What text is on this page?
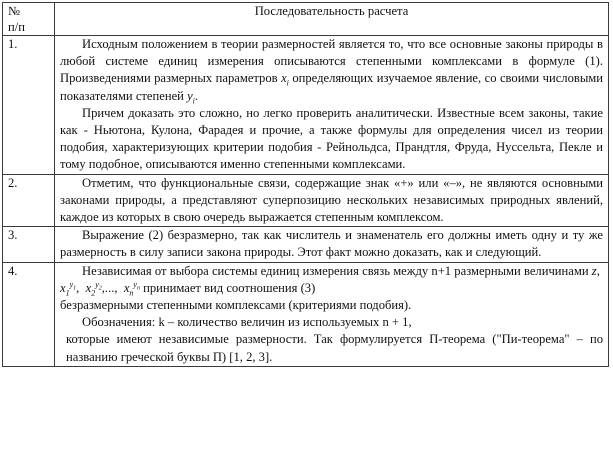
№
п/п	Последовательность расчета
1.	Исходным положением в теории размерностей является то, что все основные законы природы в любой системе единиц измерения описываются степенными комплексами в формуле (1). Произведениями размерных параметров $x_i$ определяющих изучаемое явление, со своими числовыми показателями степеней $y_i$.

Причем доказать это сложно, но легко проверить аналитически. Известные всем законы, такие как - Ньютона, Кулона, Фарадея и прочие, а также формулы для определения чисел из теории подобия, характеризующих критерии подобия - Рейнольдса, Прандтля, Фруда, Нуссельта, Пекле и тому подобное, описываются именно степенными комплексами.

2.	Отметим, что функциональные связи, содержащие знак «+» или «–», не являются основными законами природы, а представляют суперпозицию нескольких независимых природных явлений, каждое из которых в свою очередь выражается степенным комплексом.

3.	Выражение (2) безразмерно, так как числитель и знаменатель его должны иметь одну и ту же размерность в силу записи закона природы. Этот факт можно доказать, как и следующий.

4.	Независимая от выбора системы единиц измерения связь между n+1 размерными величинами z,  $x_1^{y_1}$,  $x_2^{y_2}$,..., $x_n^{y_n}$ принимает вид соотношения (3)

безразмерными степенными комплексами (критериями подобия).

Обозначения: k – количество величин из используемых n + 1,

которые имеют независимые размерности. Так формулируется П-теорема ("Пи-теорема" – по названию греческой буквы П) [1, 2, 3].
